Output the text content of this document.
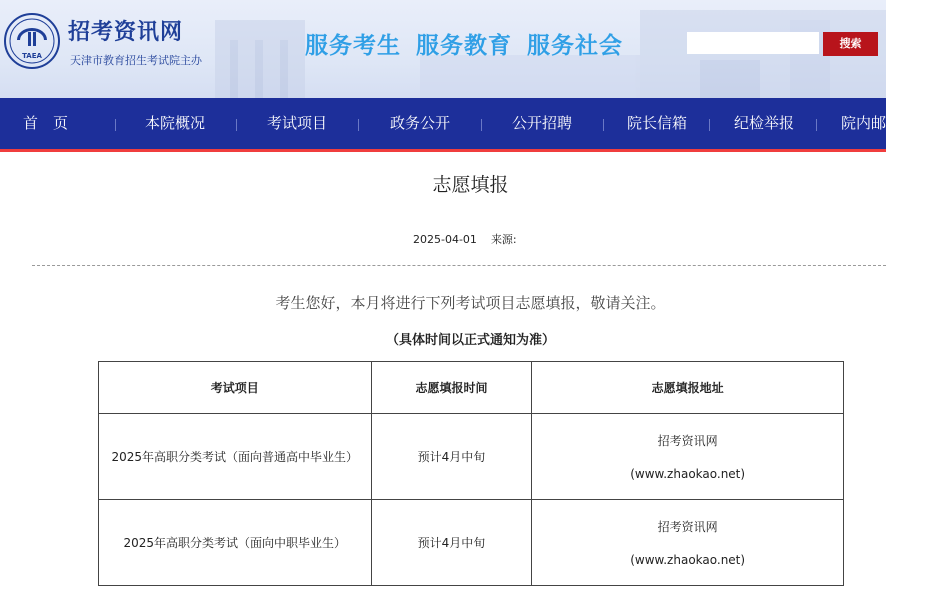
TAEA
招考资讯网
天津市教育招生考试院主办
服务考生 服务教育 服务社会	搜索
首　页	本院概况	考试项目	政务公开	公开招聘	院长信箱	纪检举报	院内邮箱
志愿填报
2025-04-01 来源:
考生您好，本月将进行下列考试项目志愿填报，敬请关注。
（具体时间以正式通知为准）
考试项目	志愿填报时间	志愿填报地址
2025年高职分类考试（面向普通高中毕业生）	预计4月中旬	招考资讯网
(www.zhaokao.net)

2025年高职分类考试（面向中职毕业生）	预计4月中旬	招考资讯网
(www.zhaokao.net)
